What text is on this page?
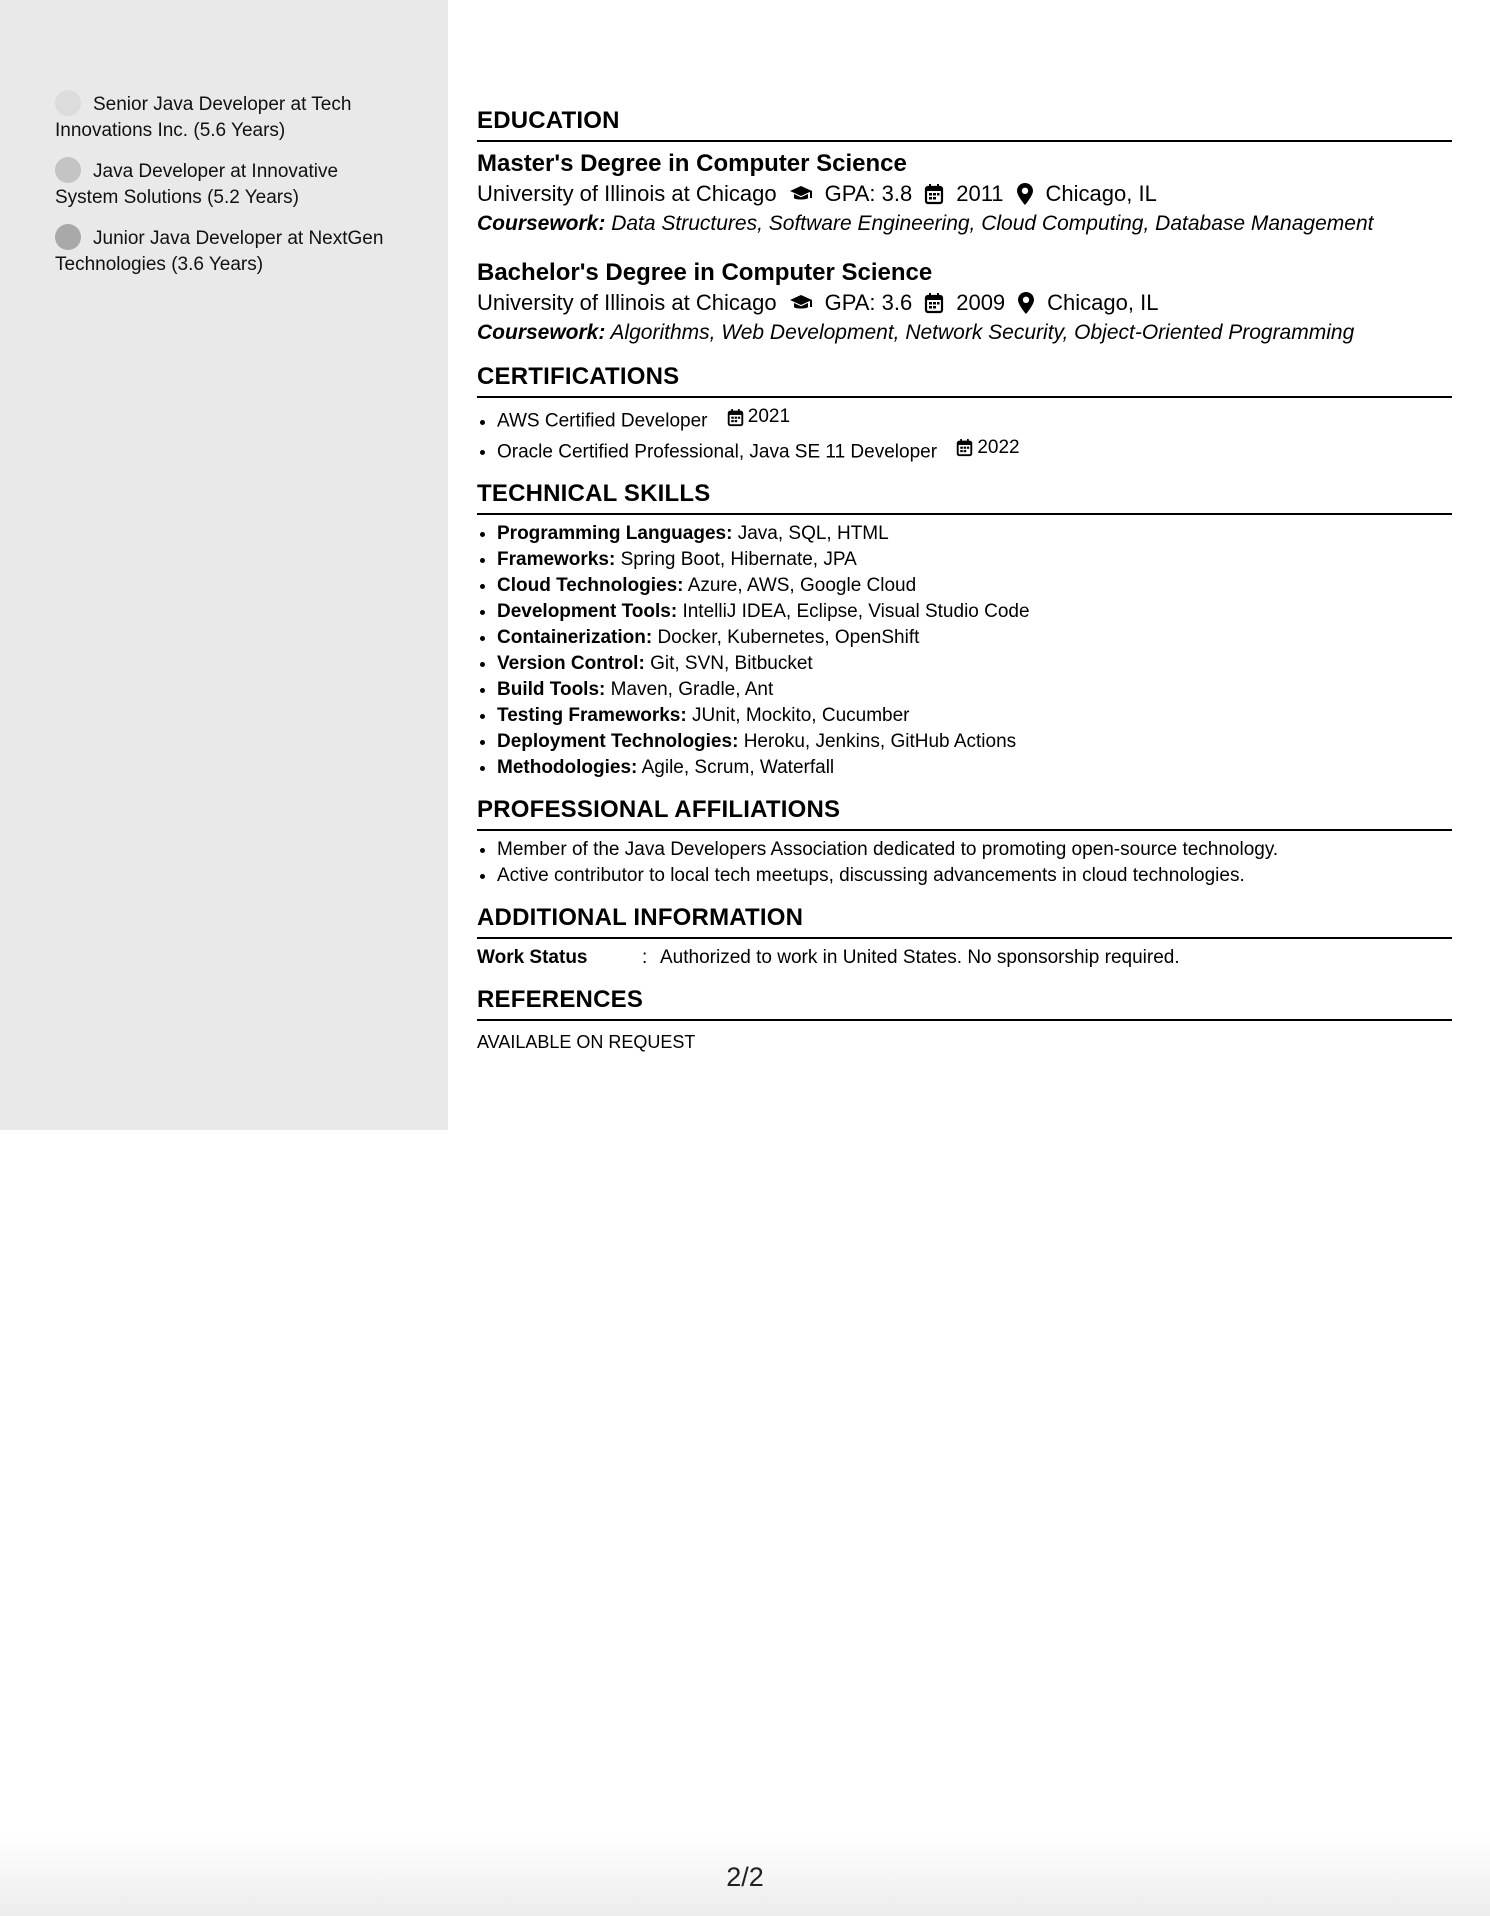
Senior Java Developer at Tech Innovations Inc. (5.6 Years)
Java Developer at Innovative System Solutions (5.2 Years)
Junior Java Developer at NextGen Technologies (3.6 Years)
EDUCATION
Master's Degree in Computer Science
University of Illinois at Chicago GPA: 3.8 2011 Chicago, IL
Coursework: Data Structures, Software Engineering, Cloud Computing, Database Management
Bachelor's Degree in Computer Science
University of Illinois at Chicago GPA: 3.6 2009 Chicago, IL
Coursework: Algorithms, Web Development, Network Security, Object-Oriented Programming
CERTIFICATIONS
• AWS Certified Developer 2021
• Oracle Certified Professional, Java SE 11 Developer 2022
TECHNICAL SKILLS
• Programming Languages: Java, SQL, HTML
• Frameworks: Spring Boot, Hibernate, JPA
• Cloud Technologies: Azure, AWS, Google Cloud
• Development Tools: IntelliJ IDEA, Eclipse, Visual Studio Code
• Containerization: Docker, Kubernetes, OpenShift
• Version Control: Git, SVN, Bitbucket
• Build Tools: Maven, Gradle, Ant
• Testing Frameworks: JUnit, Mockito, Cucumber
• Deployment Technologies: Heroku, Jenkins, GitHub Actions
• Methodologies: Agile, Scrum, Waterfall
PROFESSIONAL AFFILIATIONS
• Member of the Java Developers Association dedicated to promoting open-source technology.
• Active contributor to local tech meetups, discussing advancements in cloud technologies.
ADDITIONAL INFORMATION
Work Status	: Authorized to work in United States. No sponsorship required.
REFERENCES
AVAILABLE ON REQUEST
2/2
